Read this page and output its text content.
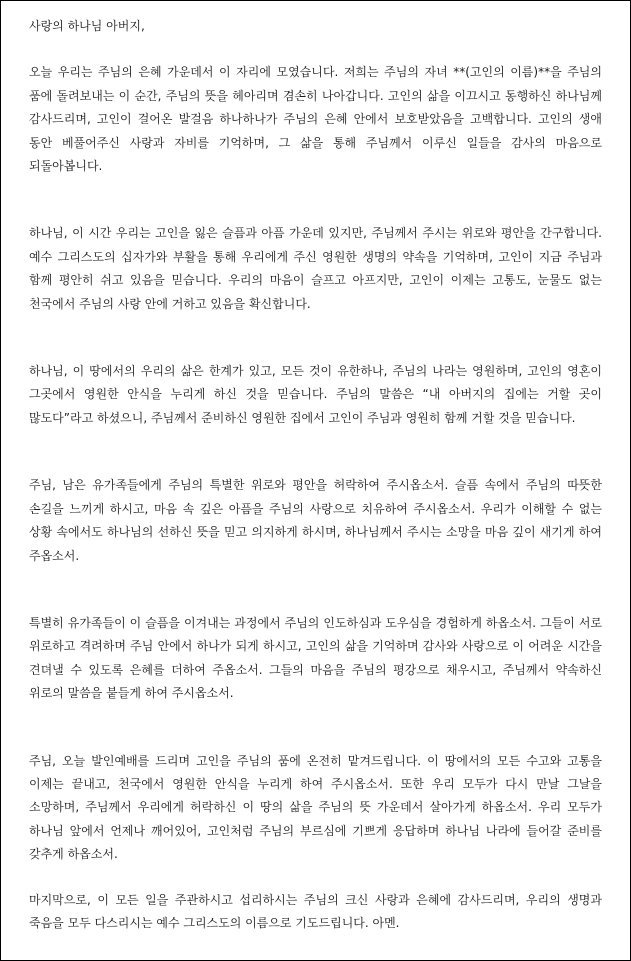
사랑의 하나님 아버지,

오늘 우리는 주님의 은혜 가운데서 이 자리에 모였습니다. 저희는 주님의 자녀 **(고인의 이름)**을 주님의 품에 돌려보내는 이 순간, 주님의 뜻을 헤아리며 겸손히 나아갑니다. 고인의 삶을 이끄시고 동행하신 하나님께 감사드리며, 고인이 걸어온 발걸음 하나하나가 주님의 은혜 안에서 보호받았음을 고백합니다. 고인의 생애 동안 베풀어주신 사랑과 자비를 기억하며, 그 삶을 통해 주님께서 이루신 일들을 감사의 마음으로 되돌아봅니다.

하나님, 이 시간 우리는 고인을 잃은 슬픔과 아픔 가운데 있지만, 주님께서 주시는 위로와 평안을 간구합니다. 예수 그리스도의 십자가와 부활을 통해 우리에게 주신 영원한 생명의 약속을 기억하며, 고인이 지금 주님과 함께 평안히 쉬고 있음을 믿습니다. 우리의 마음이 슬프고 아프지만, 고인이 이제는 고통도, 눈물도 없는 천국에서 주님의 사랑 안에 거하고 있음을 확신합니다.

하나님, 이 땅에서의 우리의 삶은 한계가 있고, 모든 것이 유한하나, 주님의 나라는 영원하며, 고인의 영혼이 그곳에서 영원한 안식을 누리게 하신 것을 믿습니다. 주님의 말씀은 “내 아버지의 집에는 거할 곳이 많도다”라고 하셨으니, 주님께서 준비하신 영원한 집에서 고인이 주님과 영원히 함께 거할 것을 믿습니다.

주님, 남은 유가족들에게 주님의 특별한 위로와 평안을 허락하여 주시옵소서. 슬픔 속에서 주님의 따뜻한 손길을 느끼게 하시고, 마음 속 깊은 아픔을 주님의 사랑으로 치유하여 주시옵소서. 우리가 이해할 수 없는 상황 속에서도 하나님의 선하신 뜻을 믿고 의지하게 하시며, 하나님께서 주시는 소망을 마음 깊이 새기게 하여 주옵소서.

특별히 유가족들이 이 슬픔을 이겨내는 과정에서 주님의 인도하심과 도우심을 경험하게 하옵소서. 그들이 서로 위로하고 격려하며 주님 안에서 하나가 되게 하시고, 고인의 삶을 기억하며 감사와 사랑으로 이 어려운 시간을 견뎌낼 수 있도록 은혜를 더하여 주옵소서. 그들의 마음을 주님의 평강으로 채우시고, 주님께서 약속하신 위로의 말씀을 붙들게 하여 주시옵소서.

주님, 오늘 발인예배를 드리며 고인을 주님의 품에 온전히 맡겨드립니다. 이 땅에서의 모든 수고와 고통을 이제는 끝내고, 천국에서 영원한 안식을 누리게 하여 주시옵소서. 또한 우리 모두가 다시 만날 그날을 소망하며, 주님께서 우리에게 허락하신 이 땅의 삶을 주님의 뜻 가운데서 살아가게 하옵소서. 우리 모두가 하나님 앞에서 언제나 깨어있어, 고인처럼 주님의 부르심에 기쁘게 응답하며 하나님 나라에 들어갈 준비를 갖추게 하옵소서.

마지막으로, 이 모든 일을 주관하시고 섭리하시는 주님의 크신 사랑과 은혜에 감사드리며, 우리의 생명과 죽음을 모두 다스리시는 예수 그리스도의 이름으로 기도드립니다. 아멘.
